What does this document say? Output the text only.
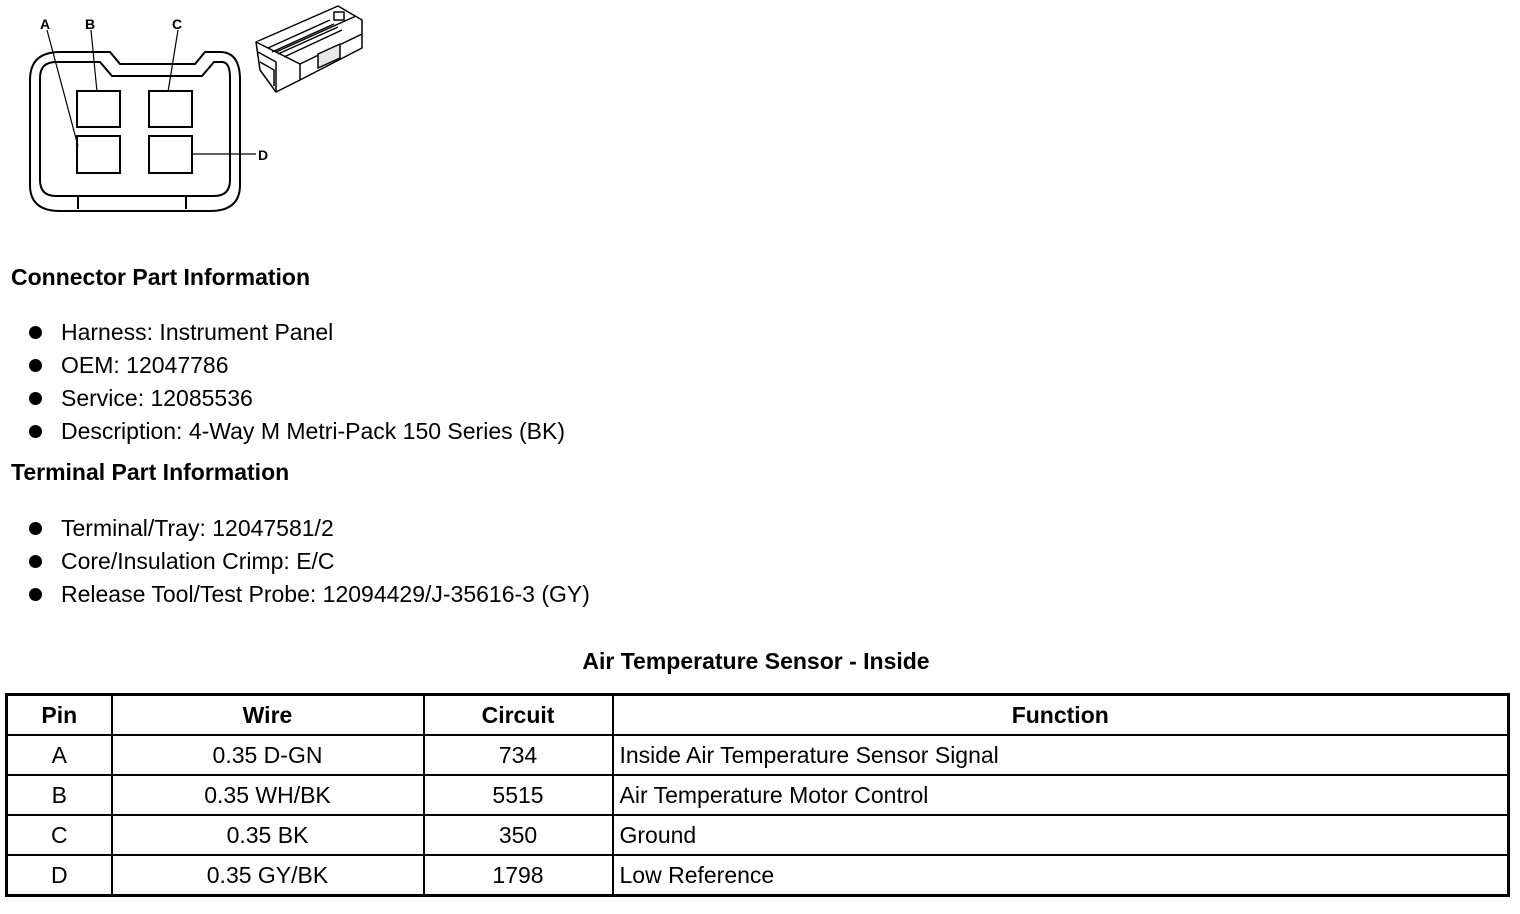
A B	C
D
Connector Part Information
Harness: Instrument Panel
OEM: 12047786
Service: 12085536
Description: 4-Way M Metri-Pack 150 Series (BK)
Terminal Part Information
Terminal/Tray: 12047581/2
Core/Insulation Crimp: E/C
Release Tool/Test Probe: 12094429/J-35616-3 (GY)
Air Temperature Sensor - Inside
Pin	Wire	Circuit	Function
A	0.35 D-GN	734	Inside Air Temperature Sensor Signal
B	0.35 WH/BK	5515	Air Temperature Motor Control
C	0.35 BK	350	Ground
D	0.35 GY/BK	1798	Low Reference
